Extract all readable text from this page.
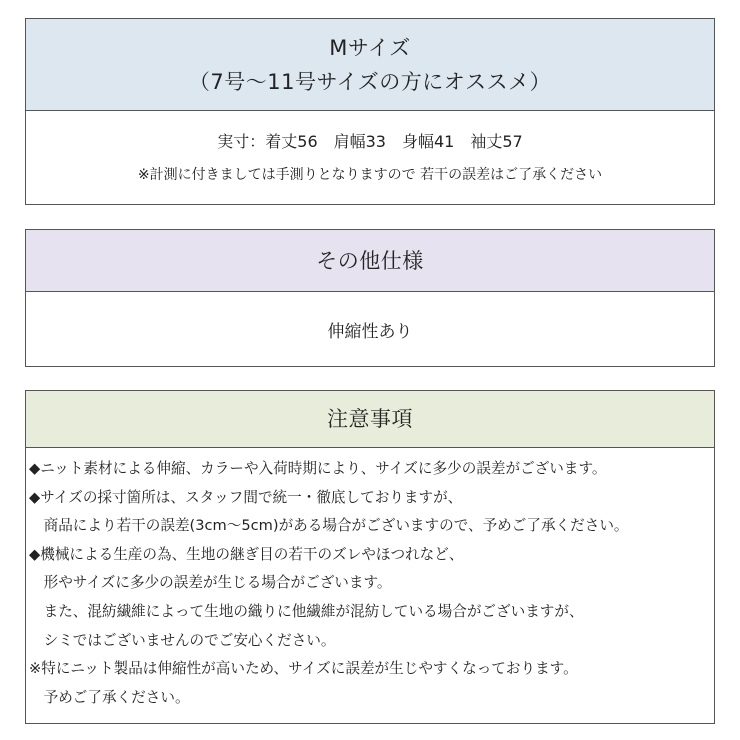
Mサイズ
（7号〜11号サイズの方にオススメ）
実寸：着丈56　肩幅33　身幅41　袖丈57
※計測に付きましては手測りとなりますので 若干の誤差はご了承ください
その他仕様
伸縮性あり
注意事項
◆ニット素材による伸縮、カラーや入荷時期により、サイズに多少の誤差がございます。
◆サイズの採寸箇所は、スタッフ間で統一・徹底しておりますが、
　商品により若干の誤差(3cm〜5cm)がある場合がございますので、予めご了承ください。
◆機械による生産の為、生地の継ぎ目の若干のズレやほつれなど、
　形やサイズに多少の誤差が生じる場合がございます。
　また、混紡繊維によって生地の織りに他繊維が混紡している場合がございますが、
　シミではございませんのでご安心ください。
※特にニット製品は伸縮性が高いため、サイズに誤差が生じやすくなっております。
　予めご了承ください。
